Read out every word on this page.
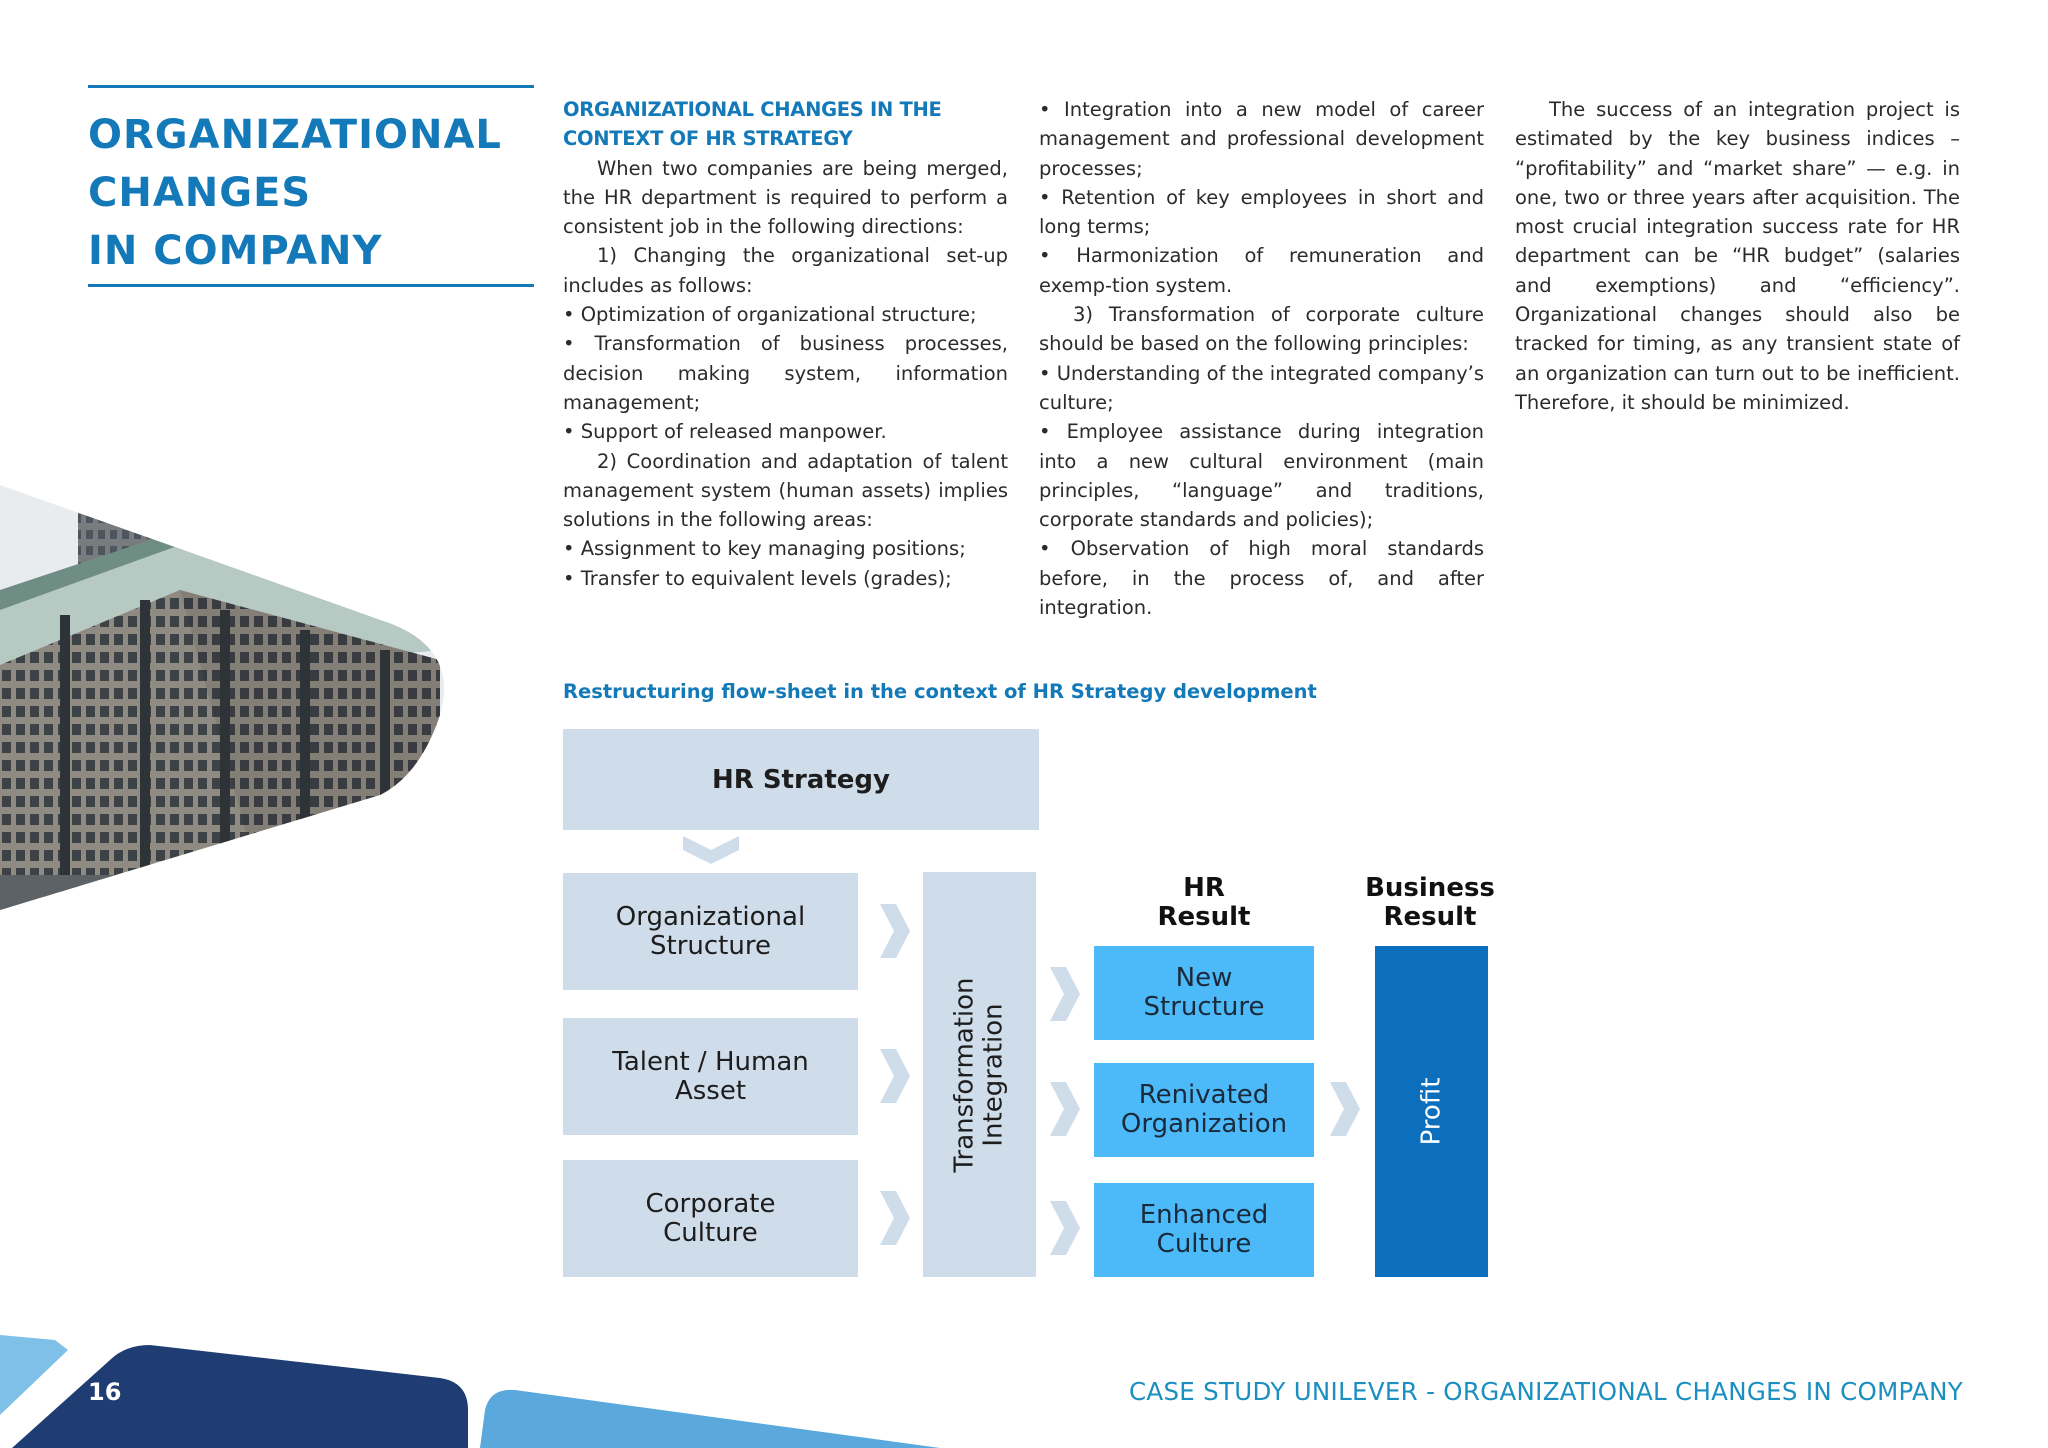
ORGANIZATIONAL
CHANGES
IN COMPANY

ORGANIZATIONAL CHANGES IN THE CONTEXT OF HR STRATEGY

When two companies are being merged, the HR department is required to perform a consistent job in the following directions:

1) Changing the organizational set-up includes as follows:

• Optimization of organizational structure;

• Transformation of business processes, decision making system, information management;

• Support of released manpower.

2) Coordination and adaptation of talent management system (human assets) implies solutions in the following areas:

• Assignment to key managing positions;

• Transfer to equivalent levels (grades);

• Integration into a new model of career management and professional development processes;

• Retention of key employees in short and long terms;

• Harmonization of remuneration and exemp-tion system.

3) Transformation of corporate culture should be based on the following principles:

• Understanding of the integrated company’s culture;

• Employee assistance during integration into a new cultural environment (main principles, “language” and traditions, corporate standards and policies);

• Observation of high moral standards before, in the process of, and after integration.

The success of an integration project is estimated by the key business indices – “profitability” and “market share” — e.g. in one, two or three years after acquisition. The most crucial integration success rate for HR department can be “HR budget” (salaries and exemptions) and “efficiency”. Organizational changes should also be tracked for timing, as any transient state of an organization can turn out to be inefficient. Therefore, it should be minimized.

Restructuring flow-sheet in the context of HR Strategy development
HR Strategy
Organizational
Structure
Talent / Human
Asset
Corporate
Culture
Transformation
Integration
HR
Result
New
Structure
Renivated
Organization
Enhanced
Culture
Business
Result
Profit
16	CASE STUDY UNILEVER - ORGANIZATIONAL CHANGES IN COMPANY
